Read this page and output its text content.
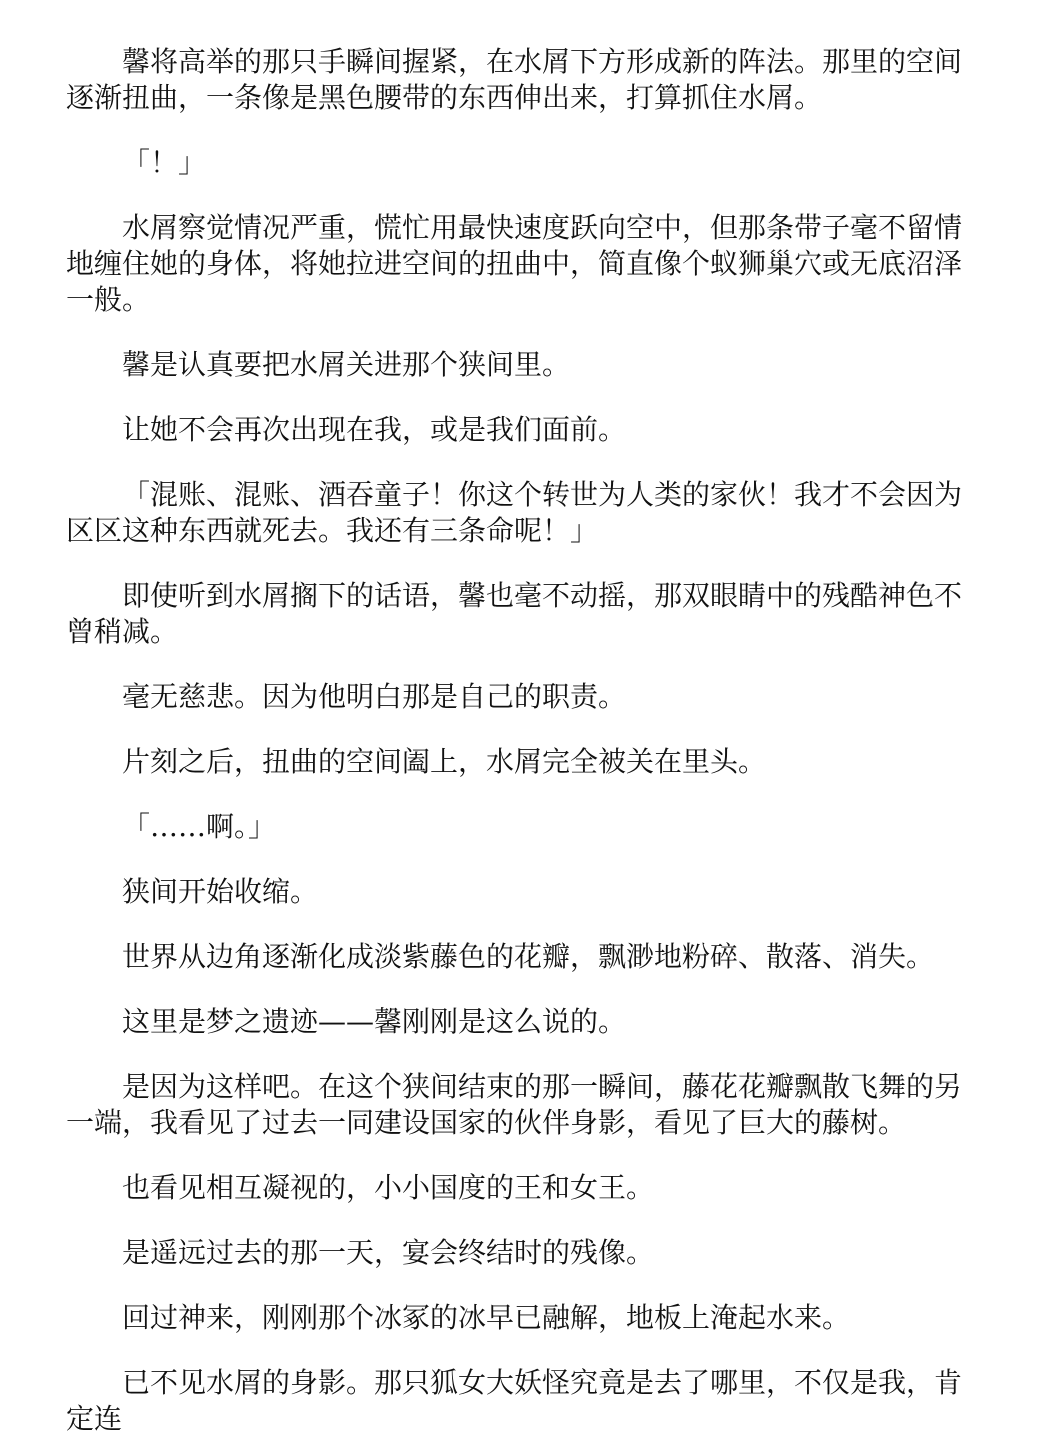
馨将高举的那只手瞬间握紧，在水屑下方形成新的阵法。那里的空间逐渐扭曲，一条像是黑色腰带的东西伸出来，打算抓住水屑。

「！」

水屑察觉情况严重，慌忙用最快速度跃向空中，但那条带子毫不留情地缠住她的身体，将她拉进空间的扭曲中，简直像个蚁狮巢穴或无底沼泽一般。

馨是认真要把水屑关进那个狭间里。

让她不会再次出现在我，或是我们面前。

「混账、混账、酒吞童子！你这个转世为人类的家伙！我才不会因为区区这种东西就死去。我还有三条命呢！」

即使听到水屑搁下的话语，馨也毫不动摇，那双眼睛中的残酷神色不曾稍减。

毫无慈悲。因为他明白那是自己的职责。

片刻之后，扭曲的空间阖上，水屑完全被关在里头。

「……啊。」

狭间开始收缩。

世界从边角逐渐化成淡紫藤色的花瓣，飘渺地粉碎、散落、消失。

这里是梦之遗迹——馨刚刚是这么说的。

是因为这样吧。在这个狭间结束的那一瞬间，藤花花瓣飘散飞舞的另一端，我看见了过去一同建设国家的伙伴身影，看见了巨大的藤树。

也看见相互凝视的，小小国度的王和女王。

是遥远过去的那一天，宴会终结时的残像。

回过神来，刚刚那个冰冢的冰早已融解，地板上淹起水来。

已不见水屑的身影。那只狐女大妖怪究竟是去了哪里，不仅是我，肯定连
